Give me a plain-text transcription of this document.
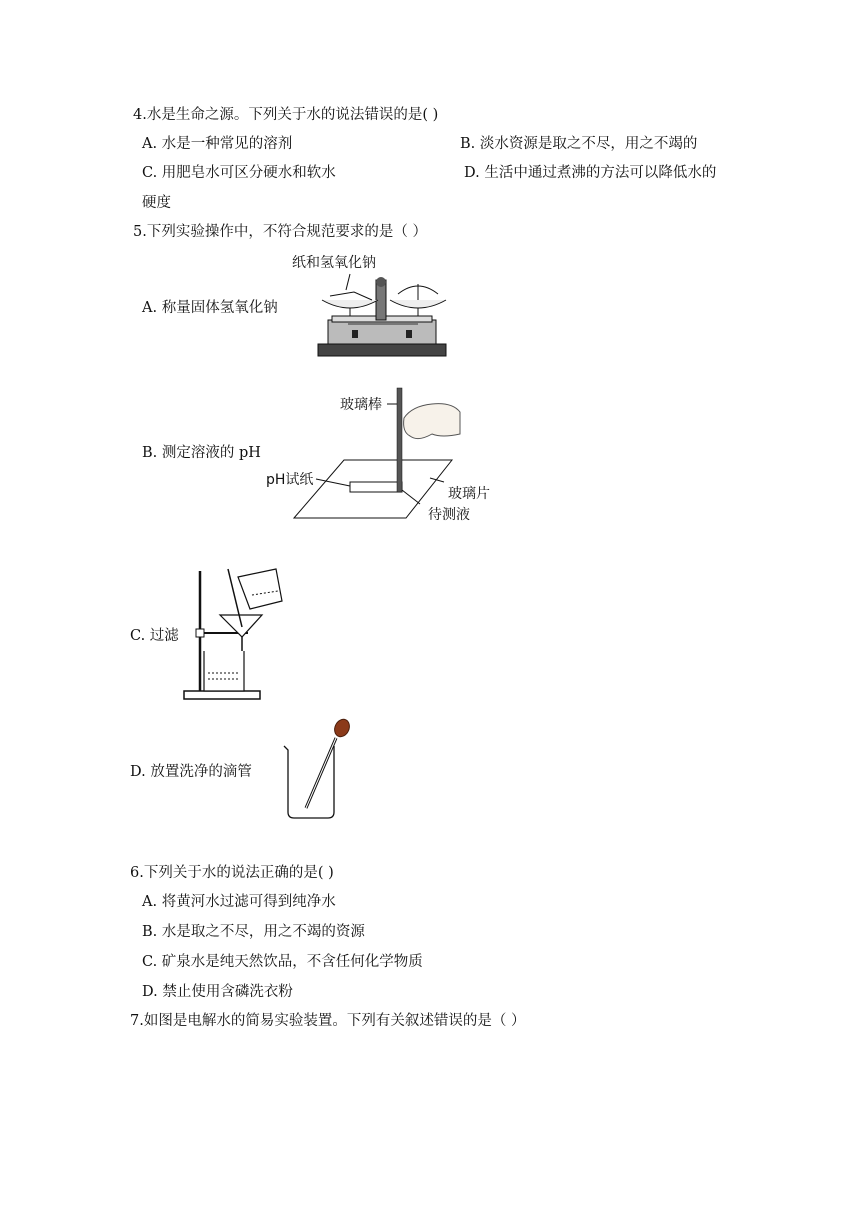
4.水是生命之源。下列关于水的说法错误的是( )
A. 水是一种常见的溶剂	B. 淡水资源是取之不尽，用之不竭的
C. 用肥皂水可区分硬水和软水	D. 生活中通过煮沸的方法可以降低水的
硬度
5.下列实验操作中，不符合规范要求的是（ ）
A. 称量固体氢氧化钠
纸和氢氧化钠
B. 测定溶液的 pH
玻璃棒
pH试纸
玻璃片
待测液
C. 过滤
D. 放置洗净的滴管
6.下列关于水的说法正确的是( )
A. 将黄河水过滤可得到纯净水
B. 水是取之不尽，用之不竭的资源
C. 矿泉水是纯天然饮品，不含任何化学物质
D. 禁止使用含磷洗衣粉
7.如图是电解水的简易实验装置。下列有关叙述错误的是（ ）
